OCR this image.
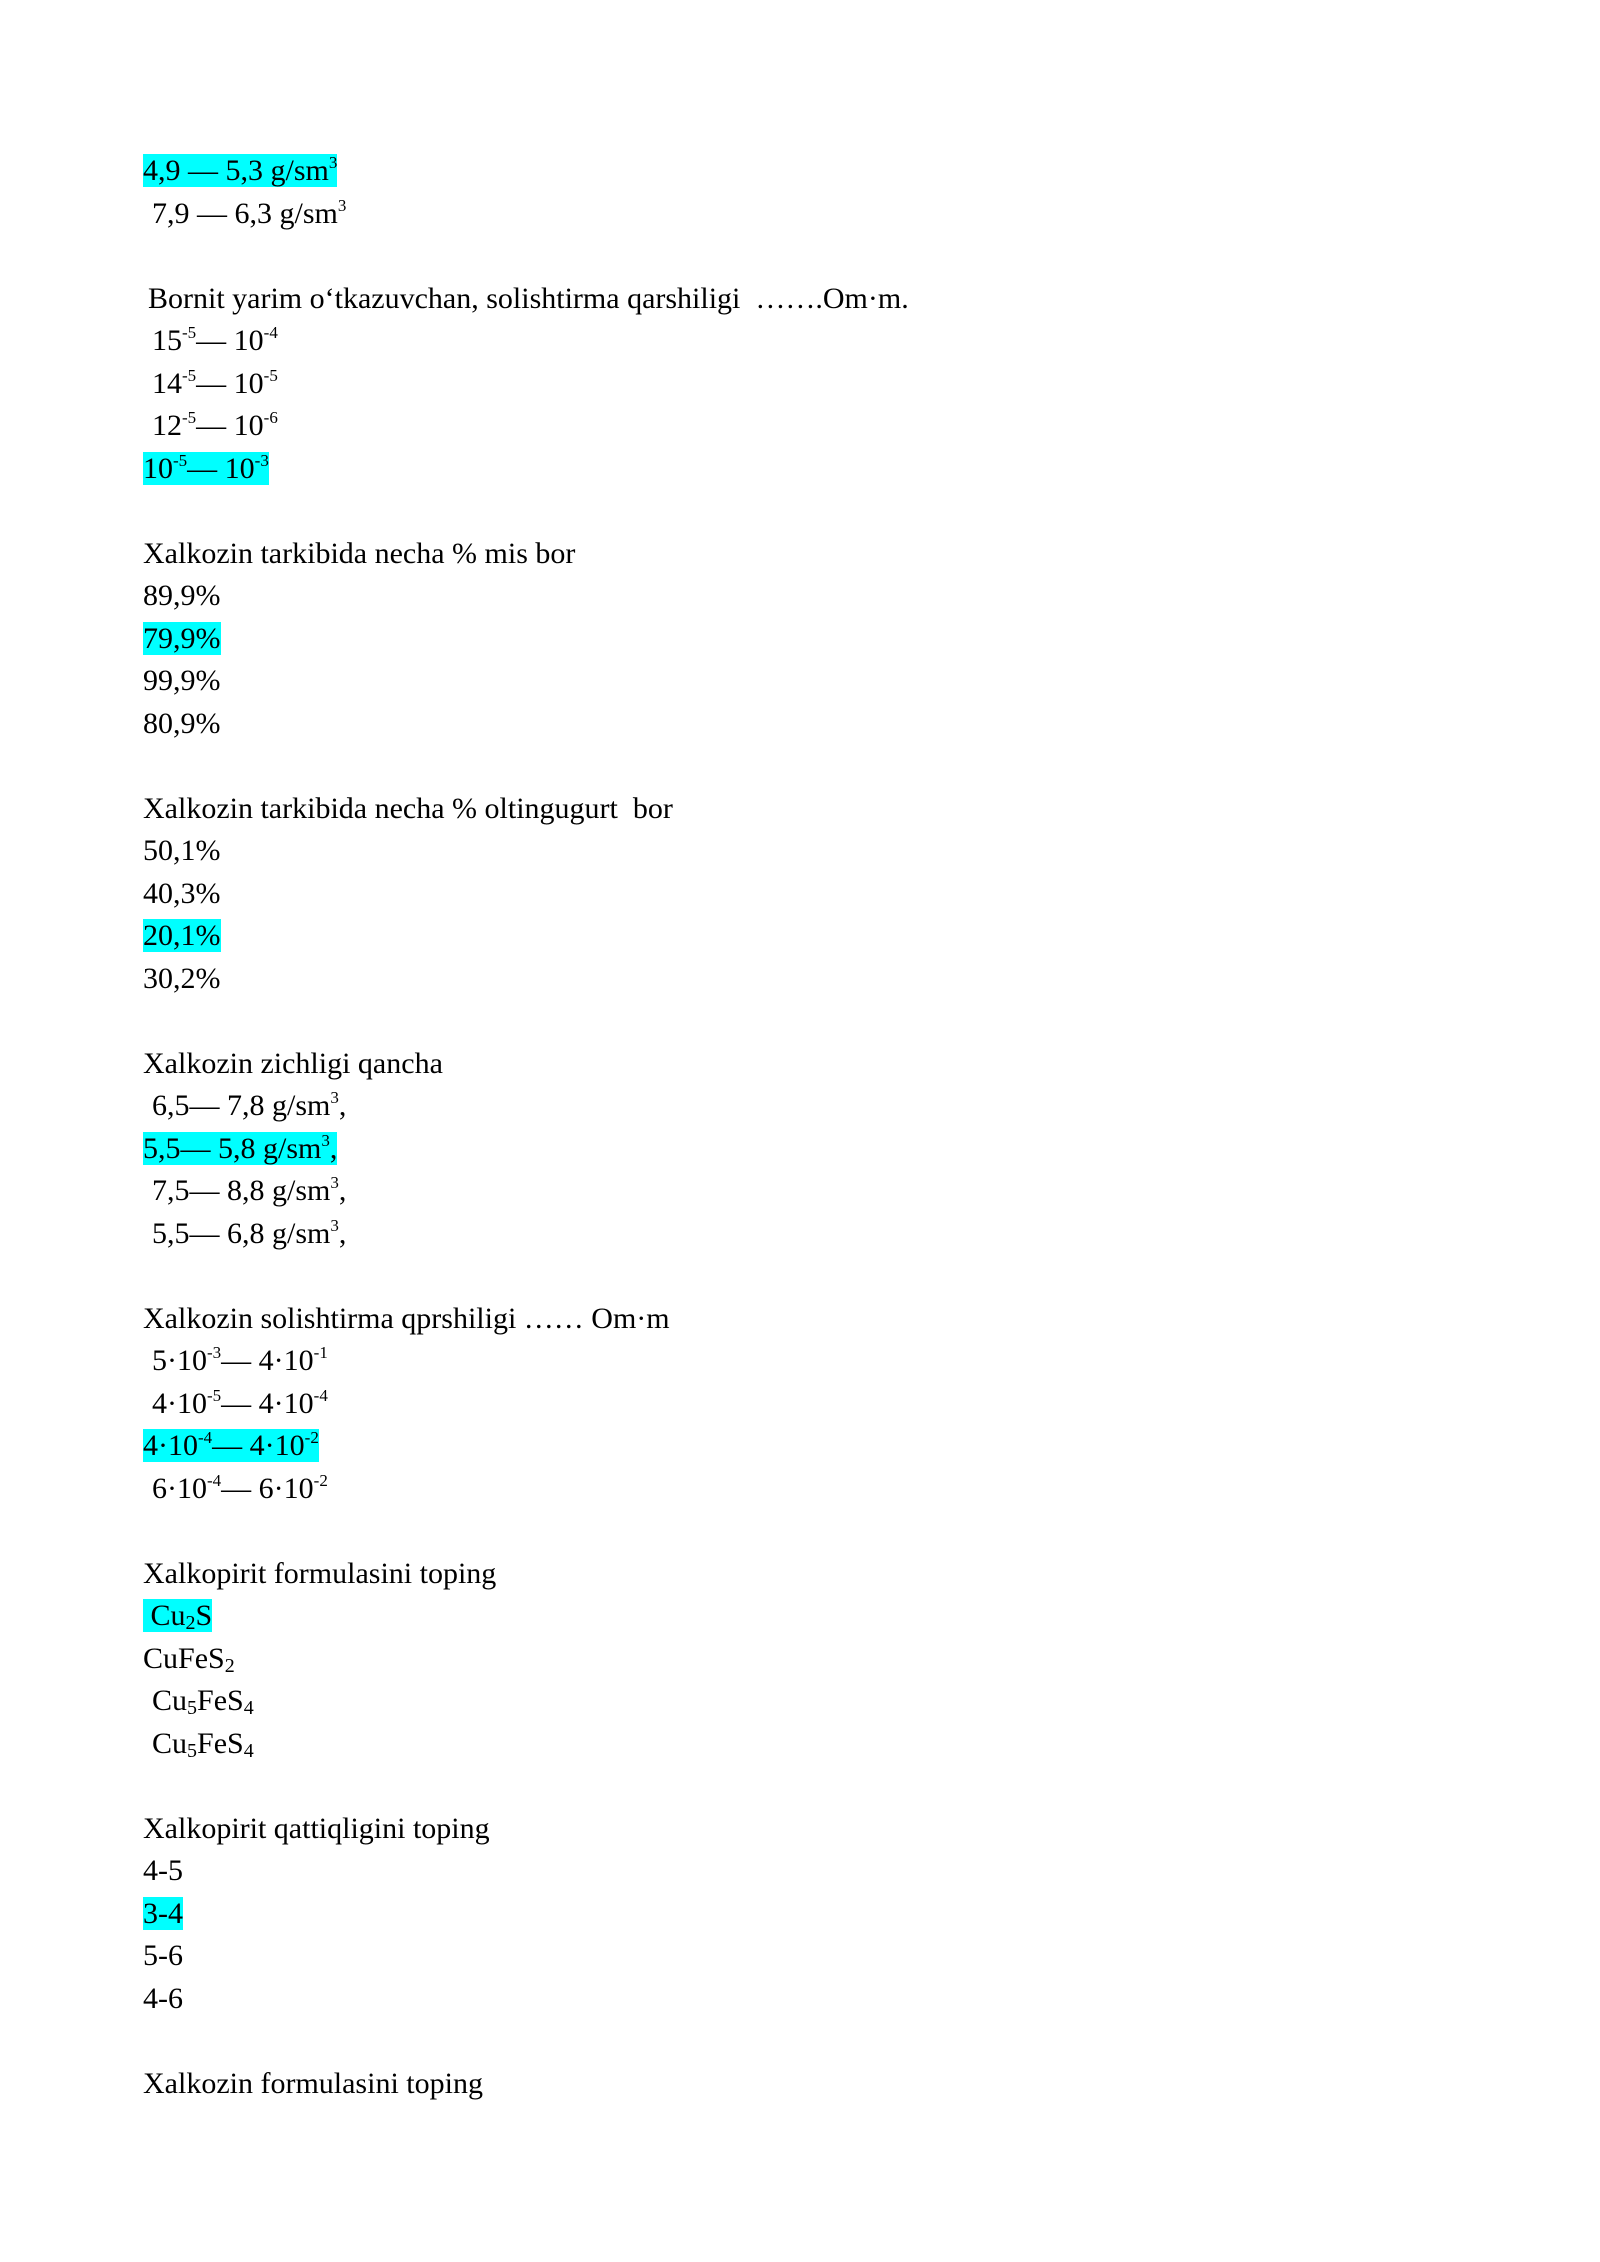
4,9 — 5,3 $g/sm^3$
7,9 — 6,3 $g/sm^3$
Bornit yarim o‘tkazuvchan, solishtirma qarshiligi  …….Om·m.
$15^{-5}—$ $10^{-4}$
$14^{-5}—$ $10^{-5}$
$12^{-5}—$ $10^{-6}$
$10^{-5}—$ $10^{-3}$
Xalkozin tarkibida necha % mis bor
89,9%
79,9%
99,9%
80,9%
Xalkozin tarkibida necha % oltingugurt  bor
50,1%
40,3%
20,1%
30,2%
Xalkozin zichligi qancha
6,5— 7,8 $g/sm^3$,
5,5— 5,8 $g/sm^3$,
7,5— 8,8 $g/sm^3$,
5,5— 6,8 $g/sm^3$,
Xalkozin solishtirma qprshiligi …… Om·m
$5\cdot 10^{-3}—$ $4\cdot 10^{-1}$
$4\cdot 10^{-5}—$ $4\cdot 10^{-4}$
$4\cdot 10^{-4}—$ $4\cdot 10^{-2}$
$6\cdot 10^{-4}—$ $6\cdot 10^{-2}$
Xalkopirit formulasini toping
$Cu_2S$
CuFeS$_2$
$Cu_5FeS_4$
$Cu_5FeS_4$
Xalkopirit qattiqligini toping
4-5
3-4
5-6
4-6
Xalkozin formulasini toping
